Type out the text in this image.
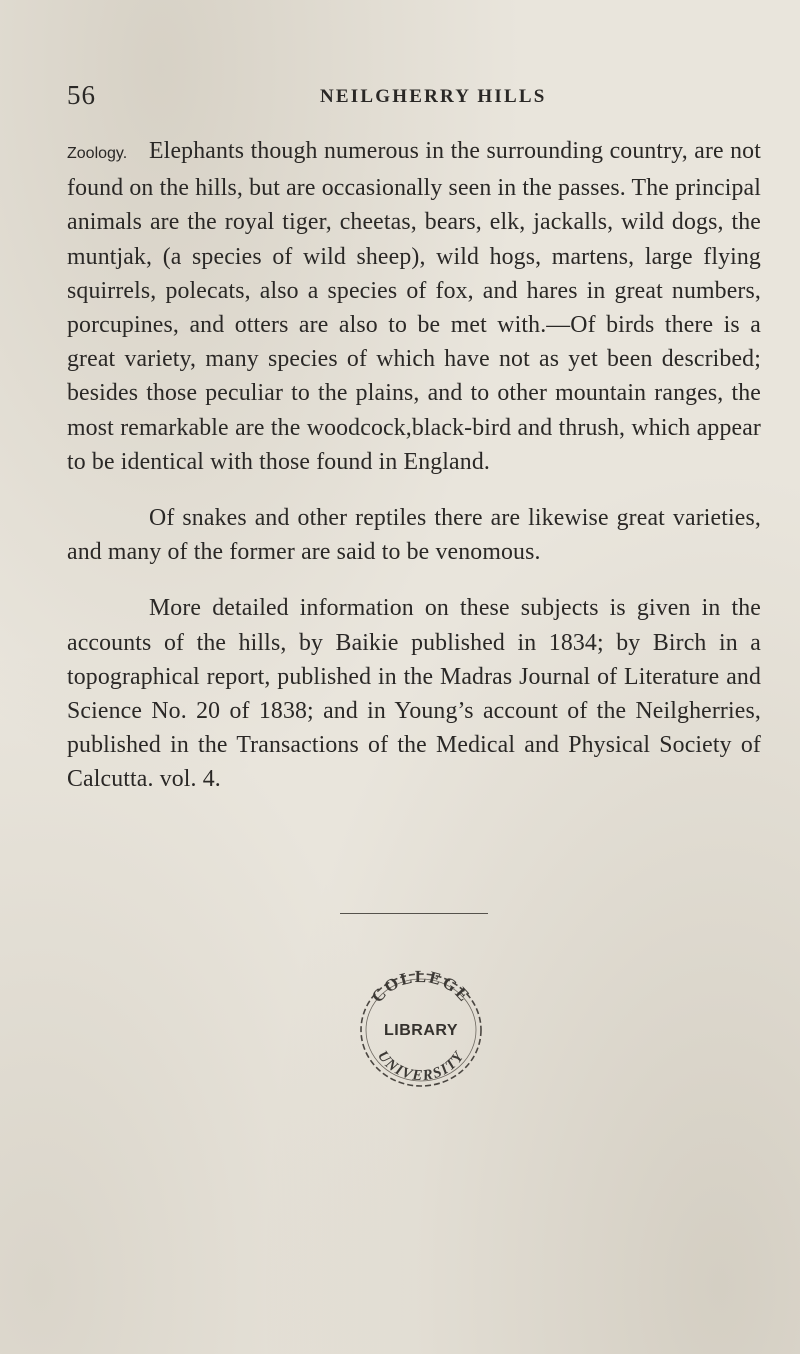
56	NEILGHERRY HILLS

Zoology. Elephants though numerous in the surrounding country, are not found on the hills, but are occasionally seen in the passes. The principal animals are the royal tiger, cheetas, bears, elk, jackalls, wild dogs, the muntjak, (a species of wild sheep), wild hogs, martens, large flying squirrels, polecats, also a species of fox, and hares in great numbers, porcupines, and otters are also to be met with.—Of birds there is a great variety, many species of which have not as yet been described; besides those peculiar to the plains, and to other mountain ranges, the most remarkable are the woodcock,black-bird and thrush, which appear to be identical with those found in England.

Of snakes and other reptiles there are likewise great varieties, and many of the former are said to be venomous.

More detailed information on these subjects is given in the accounts of the hills, by Baikie published in 1834; by Birch in a topographical report, published in the Madras Journal of Literature and Science No. 20 of 1838; and in Young’s account of the Neilgherries, published in the Transactions of the Medical and Physical Society of Calcutta. vol. 4.

COLLEGE
LIBRARY
UNIVERSITY
